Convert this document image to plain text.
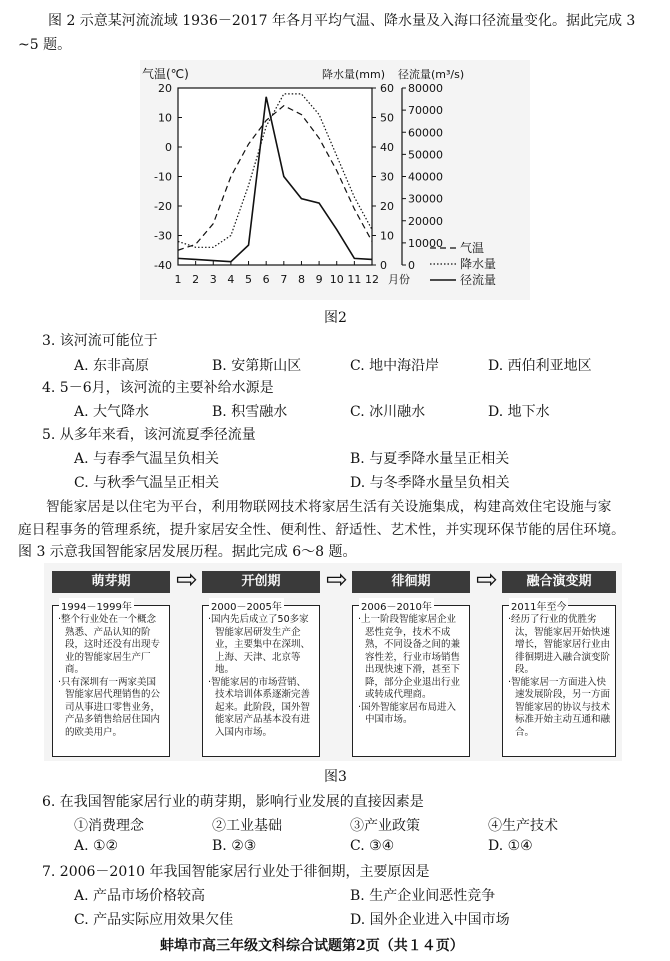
图 2 示意某河流流域 1936－2017 年各月平均气温、降水量及入海口径流量变化。据此完成 3
~5 题。
气温(℃)	降水量(mm) 径流量(m³/s)
20
10
0
-10
-20
-30
-40
60
50
40
30
20
10
0
80000
70000
60000
50000
40000
30000
20000
10000
0
1 2 3 4 5 6 7 8 9 10 11 12 月份
气温
降水量
径流量
图2
3. 该河流可能位于
A. 东非高原	B. 安第斯山区	C. 地中海沿岸	D. 西伯利亚地区
4. 5－6月，该河流的主要补给水源是
A. 大气降水	B. 积雪融水	C. 冰川融水	D. 地下水
5. 从多年来看，该河流夏季径流量
A. 与春季气温呈负相关	B. 与夏季降水量呈正相关
C. 与秋季气温呈正相关	D. 与冬季降水量呈负相关
智能家居是以住宅为平台，利用物联网技术将家居生活有关设施集成，构建高效住宅设施与家
庭日程事务的管理系统，提升家居安全性、便利性、舒适性、艺术性，并实现环保节能的居住环境。
图 3 示意我国智能家居发展历程。据此完成 6～8 题。
萌芽期
1994－1999年

·整个行业处在一个概念熟悉、产品认知的阶段，这时还没有出现专业的智能家居生产厂商。

·只有深圳有一两家美国智能家居代理销售的公司从事进口零售业务，产品多销售给居住国内的欧美用户。

⇨	开创期
2000－2005年

·国内先后成立了50多家智能家居研发生产企业，主要集中在深圳、上海、天津、北京等地。

·智能家居的市场营销、技术培训体系逐渐完善起来。此阶段，国外智能家居产品基本没有进入国内市场。

⇨	徘徊期
2006－2010年

·上一阶段智能家居企业恶性竞争，技术不成熟，不同设备之间的兼容性差，行业市场销售出现快速下滑，甚至下降，部分企业退出行业或转成代理商。

·国外智能家居布局进入中国市场。

⇨	融合演变期
2011年至今

·经历了行业的优胜劣汰，智能家居开始快速增长，智能家居行业由徘徊期进入融合演变阶段。

·智能家居一方面进入快速发展阶段，另一方面智能家居的协议与技术标准开始主动互通和融合。

图3
6. 在我国智能家居行业的萌芽期，影响行业发展的直接因素是
①消费理念	②工业基础	③产业政策	④生产技术
A. ①②	B. ②③	C. ③④	D. ①④
7. 2006－2010 年我国智能家居行业处于徘徊期，主要原因是
A. 产品市场价格较高	B. 生产企业间恶性竞争
C. 产品实际应用效果欠佳	D. 国外企业进入中国市场
蚌埠市高三年级文科综合试题第2页（共１４页）
